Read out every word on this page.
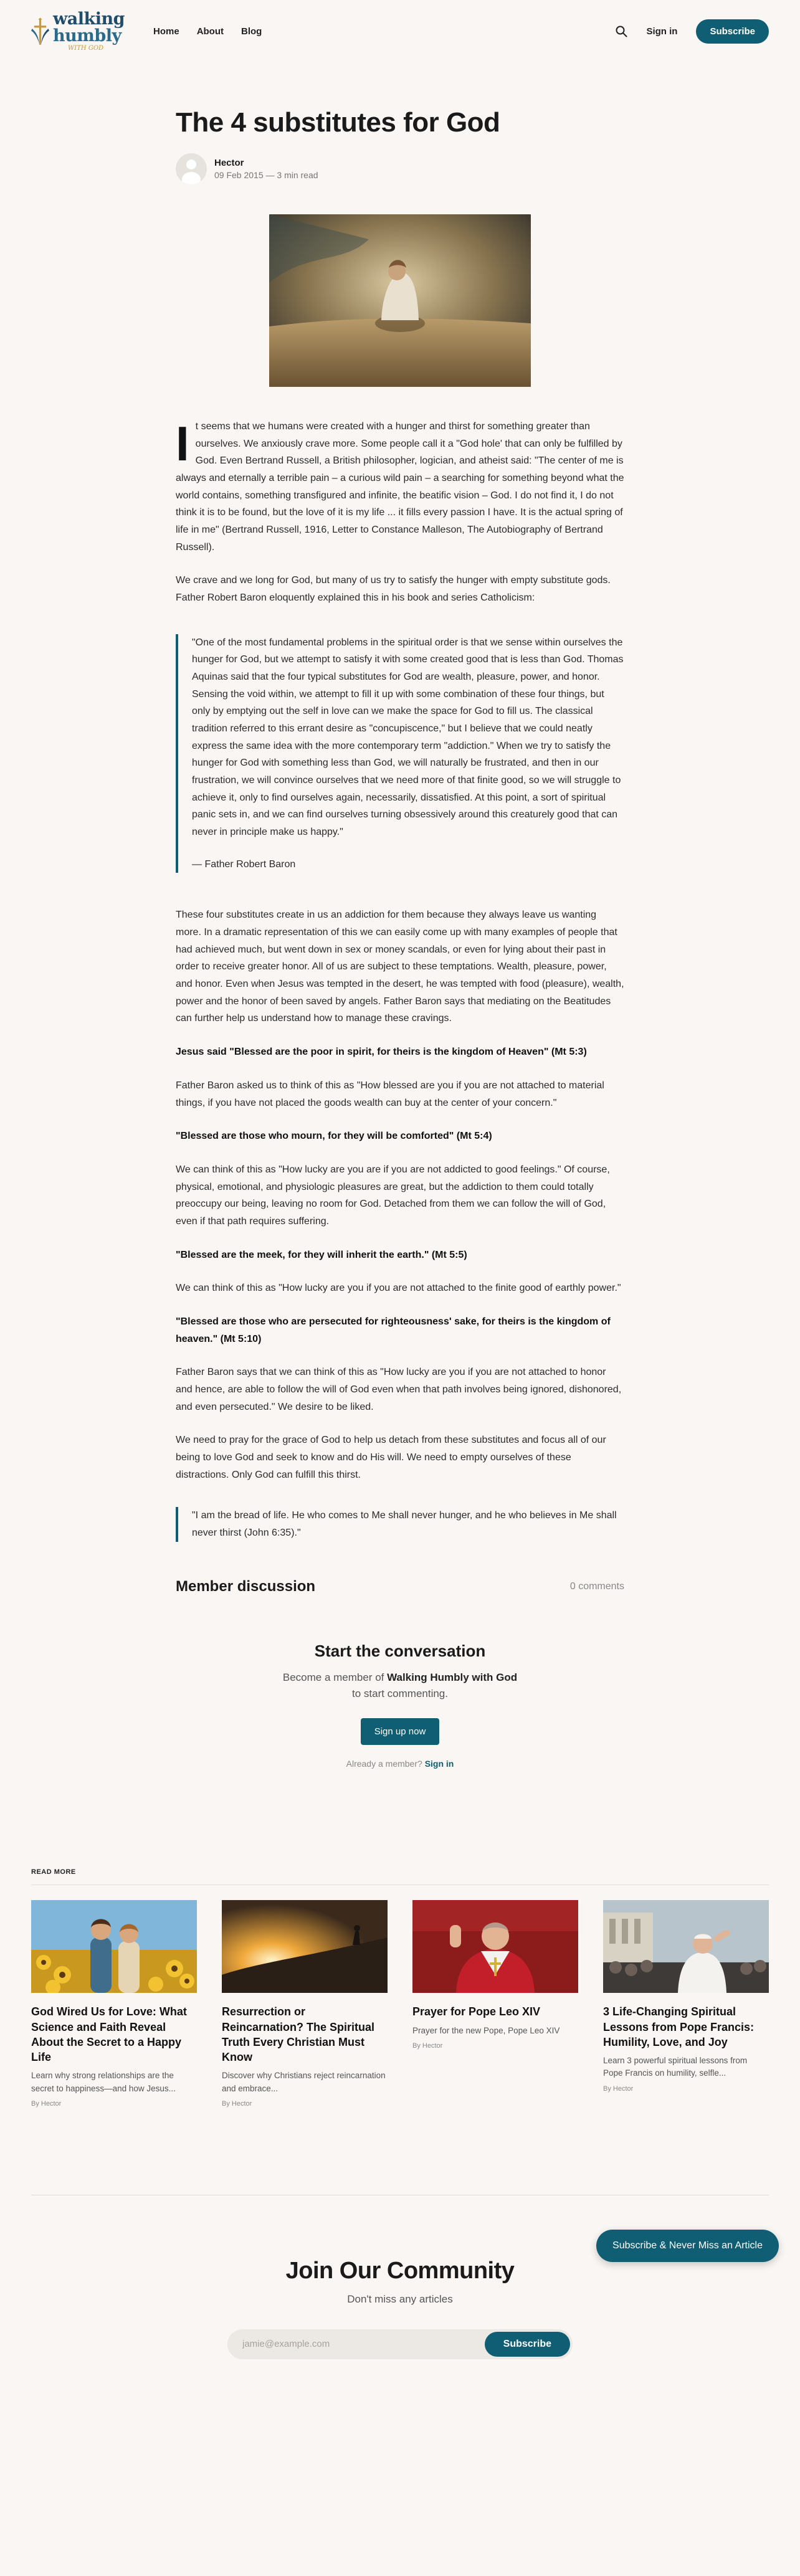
walking
humbly
WITH GOD
Home About Blog	Sign in	Subscribe
The 4 substitutes for God
Hector
09 Feb 2015 — 3 min read

It seems that we humans were created with a hunger and thirst for something greater than ourselves. We anxiously crave more. Some people call it a "God hole' that can only be fulfilled by God. Even Bertrand Russell, a British philosopher, logician, and atheist said: "The center of me is always and eternally a terrible pain – a curious wild pain – a searching for something beyond what the world contains, something transfigured and infinite, the beatific vision – God. I do not find it, I do not think it is to be found, but the love of it is my life ... it fills every passion I have. It is the actual spring of life in me" (Bertrand Russell, 1916, Letter to Constance Malleson, The Autobiography of Bertrand Russell).

We crave and we long for God, but many of us try to satisfy the hunger with empty substitute gods. Father Robert Baron eloquently explained this in his book and series Catholicism:

"One of the most fundamental problems in the spiritual order is that we sense within ourselves the hunger for God, but we attempt to satisfy it with some created good that is less than God. Thomas Aquinas said that the four typical substitutes for God are wealth, pleasure, power, and honor. Sensing the void within, we attempt to fill it up with some combination of these four things, but only by emptying out the self in love can we make the space for God to fill us. The classical tradition referred to this errant desire as "concupiscence," but I believe that we could neatly express the same idea with the more contemporary term "addiction." When we try to satisfy the hunger for God with something less than God, we will naturally be frustrated, and then in our frustration, we will convince ourselves that we need more of that finite good, so we will struggle to achieve it, only to find ourselves again, necessarily, dissatisfied. At this point, a sort of spiritual panic sets in, and we can find ourselves turning obsessively around this creaturely good that can never in principle make us happy."

— Father Robert Baron

These four substitutes create in us an addiction for them because they always leave us wanting more. In a dramatic representation of this we can easily come up with many examples of people that had achieved much, but went down in sex or money scandals, or even for lying about their past in order to receive greater honor. All of us are subject to these temptations. Wealth, pleasure, power, and honor. Even when Jesus was tempted in the desert, he was tempted with food (pleasure), wealth, power and the honor of been saved by angels. Father Baron says that mediating on the Beatitudes can further help us understand how to manage these cravings.

Jesus said "Blessed are the poor in spirit, for theirs is the kingdom of Heaven" (Mt 5:3)

Father Baron asked us to think of this as "How blessed are you if you are not attached to material things, if you have not placed the goods wealth can buy at the center of your concern."

"Blessed are those who mourn, for they will be comforted" (Mt 5:4)

We can think of this as "How lucky are you are if you are not addicted to good feelings." Of course, physical, emotional, and physiologic pleasures are great, but the addiction to them could totally preoccupy our being, leaving no room for God. Detached from them we can follow the will of God, even if that path requires suffering.

"Blessed are the meek, for they will inherit the earth." (Mt 5:5)

We can think of this as "How lucky are you if you are not attached to the finite good of earthly power."

"Blessed are those who are persecuted for righteousness' sake, for theirs is the kingdom of heaven." (Mt 5:10)

Father Baron says that we can think of this as "How lucky are you if you are not attached to honor and hence, are able to follow the will of God even when that path involves being ignored, dishonored, and even persecuted." We desire to be liked.

We need to pray for the grace of God to help us detach from these substitutes and focus all of our being to love God and seek to know and do His will. We need to empty ourselves of these distractions. Only God can fulfill this thirst.

"I am the bread of life. He who comes to Me shall never hunger, and he who believes in Me shall never thirst (John 6:35)."

Member discussion	0 comments
Start the conversation

Become a member of Walking Humbly with God
to start commenting.

Sign up now

Already a member? Sign in

READ MORE
God Wired Us for Love: What Science and Faith Reveal About the Secret to a Happy Life

Learn why strong relationships are the secret to happiness—and how Jesus...

By Hector

Resurrection or Reincarnation? The Spiritual Truth Every Christian Must Know

Discover why Christians reject reincarnation and embrace...

By Hector

Prayer for Pope Leo XIV

Prayer for the new Pope, Pope Leo XIV

By Hector

3 Life-Changing Spiritual Lessons from Pope Francis: Humility, Love, and Joy

Learn 3 powerful spiritual lessons from Pope Francis on humility, selfle...

By Hector

Subscribe & Never Miss an Article
Join Our Community

Don't miss any articles

jamie@example.com
Subscribe
